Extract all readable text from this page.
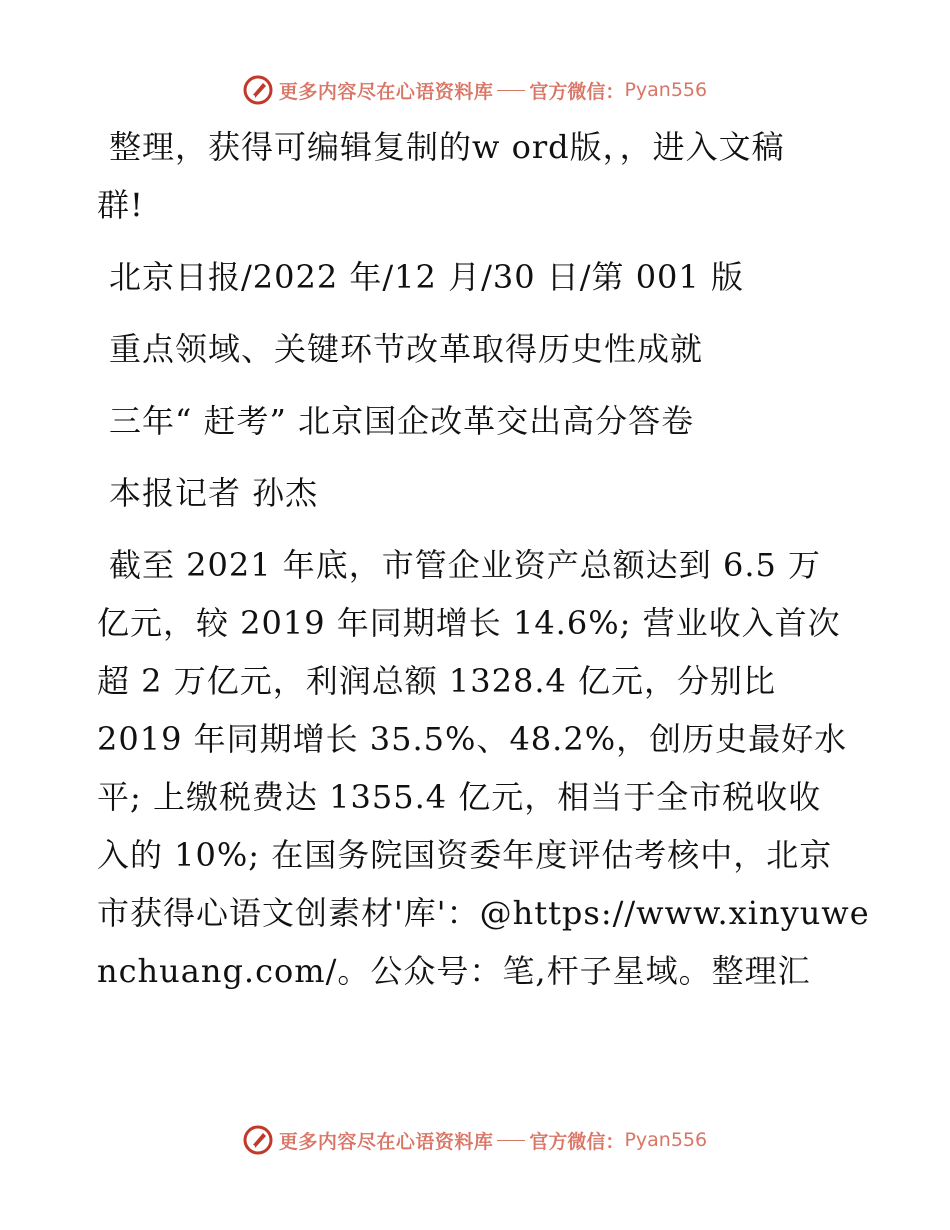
更多内容尽在心语资料库 官方微信： Pyan556
整理，获得可编辑复制的w ord版，，进入文稿
群!
北京日报/2022 年/12 月/30 日/第 001 版
重点领域、关键环节改革取得历史性成就
三年“ 赶考” 北京国企改革交出高分答卷
本报记者 孙杰
截至 2021 年底，市管企业资产总额达到 6.5 万
亿元，较 2019 年同期增长 14.6%; 营业收入首次
超 2 万亿元，利润总额 1328.4 亿元，分别比
2019 年同期增长 35.5%、48.2%，创历史最好水
平; 上缴税费达 1355.4 亿元，相当于全市税收收
入的 10%; 在国务院国资委年度评估考核中，北京
市获得心语文创素材'库'：@https://www.xinyuwe
nchuang.com/。公众号：笔,杆子星域。整理汇
更多内容尽在心语资料库 官方微信： Pyan556
